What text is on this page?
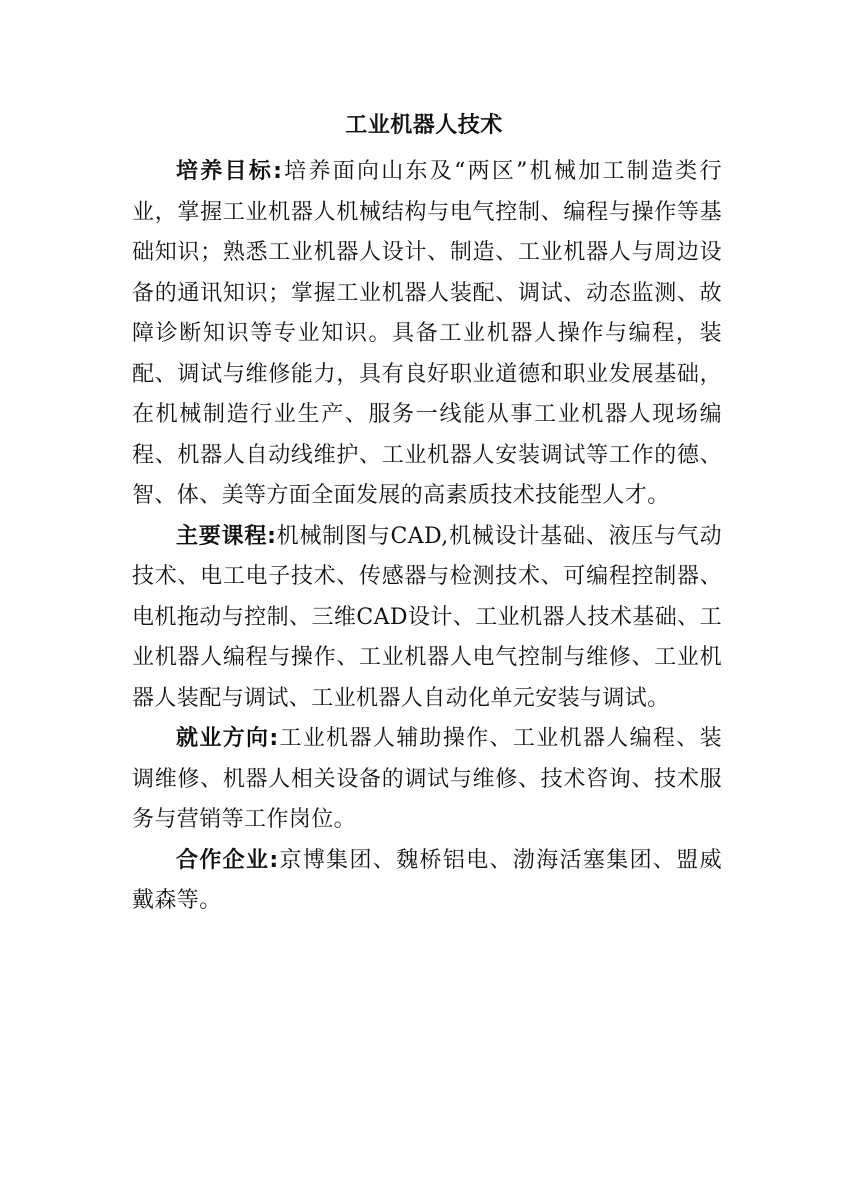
工业机器人技术

培养目标:培养面向山东及“两区”机械加工制造类行业，掌握工业机器人机械结构与电气控制、编程与操作等基础知识；熟悉工业机器人设计、制造、工业机器人与周边设备的通讯知识；掌握工业机器人装配、调试、动态监测、故障诊断知识等专业知识。具备工业机器人操作与编程，装配、调试与维修能力，具有良好职业道德和职业发展基础，在机械制造行业生产、服务一线能从事工业机器人现场编程、机器人自动线维护、工业机器人安装调试等工作的德、智、体、美等方面全面发展的高素质技术技能型人才。

主要课程:机械制图与CAD,机械设计基础、液压与气动技术、电工电子技术、传感器与检测技术、可编程控制器、电机拖动与控制、三维CAD设计、工业机器人技术基础、工业机器人编程与操作、工业机器人电气控制与维修、工业机器人装配与调试、工业机器人自动化单元安装与调试。

就业方向:工业机器人辅助操作、工业机器人编程、装调维修、机器人相关设备的调试与维修、技术咨询、技术服务与营销等工作岗位。

合作企业:京博集团、魏桥铝电、渤海活塞集团、盟威戴森等。
